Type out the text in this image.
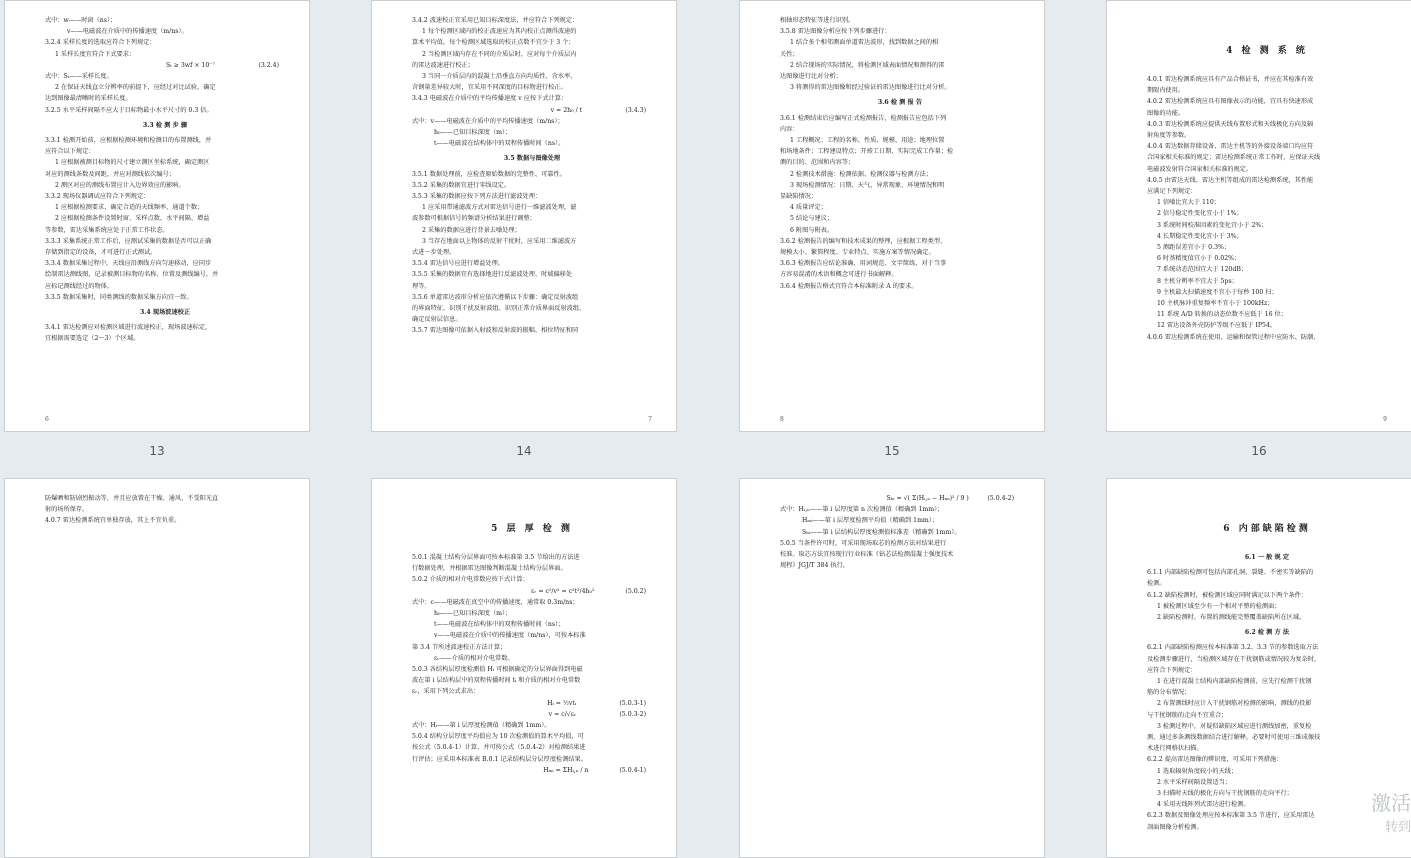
式中：w——时窗（ns）；
v——电磁波在介质中的传播速度（m/ns）。
3.2.4 采样长度的选取应符合下列规定：
1 采样长度宜符合下式要求：
Sₜ ≥ 3wf × 10⁻⁷　　　　　　　(3.2.4)
式中：Sₜ——采样长度。
2 在保证天线直立分辨率的前提下，应经过对比试验，确定
达到图像最清晰时的采样长度。
3.2.5 水平采样间隔不应大于目标物最小水平尺寸的 0.3 倍。
3.3 检 测 步 骤
3.3.1 检测开始前，应根据检测环境和检测目的布置测线，并
应符合以下规定：
1 应根据被测目标物的尺寸建立测区坐标系统，确定测区
对应的测线条数及间距，并应对测线依次编号；
2 测区对应的测线布置应计入边界效应的影响。
3.3.2 现场仪器调试应符合下列规定：
1 应根据检测要求、确定合适的天线频率、通道个数；
2 应根据检测条件设置时窗、采样点数、水平间隔、增益
等参数，雷达采集系统应处于正常工作状态。
3.3.3 采集系统正常工作后，应测试采集的数据是否可以正确
存储到指定的设备，才可进行正式测试。
3.3.4 数据采集过程中，天线应沿测线方向匀速移动，应同步
绘制雷达测线图，记录被测目标物的名称、位置及测线编号，并
应标记测线经过的物体。
3.3.5 数据采集时，同类测线的数据采集方向宜一致。
3.4 现场波速校正
3.4.1 雷达检测应对检测区域进行波速校正，现场波速标定，
宜根据需要选定（2～3）个区域。
6
13
3.4.2 波速校正宜采用已知目标深度法，并应符合下列规定：
1 每个检测区域内的校正波速应为其内校正点测得波速的
算术平均值，每个检测区域选取的校正点数不宜少于 3 个；
2 当检测区域内存在不同的介质层时，应对每个介质层内
的雷达波速进行校正；
3 当同一介质层内的混凝土沿垂直方向均质性、含水率、
含钢量差异较大时，宜采用不同深度的目标物进行校正。
3.4.3 电磁波在介质中的平均传播速度 v 应按下式计算：
v = 2h₀ / t　　　　　　　(3.4.3)
式中：v——电磁波在介质中的平均传播速度（m/ns）；
h₀——已知目标深度（m）；
t——电磁波在结构体中的双程传播时间（ns）。
3.5 数据与图像处理
3.5.1 数据处理前，应检查原始数据的完整性、可靠性。
3.5.2 采集的数据宜进行零线设定。
3.5.3 采集的数据应按下列方法进行滤波处理：
1 应采用带通滤波方式对雷达信号进行一维滤波处理，滤
波参数可根据信号的频谱分析结果进行调整；
2 采集的数据应进行背景去噪处理；
3 当存在地面以上物体的反射干扰时，应采用二维滤波方
式进一步处理。
3.5.4 雷达信号应进行增益处理。
3.5.5 采集的数据宜有选择地进行反滤波处理、时域偏移处
理等。
3.5.6 单道雷达波形分析应依次遵循以下步骤：确定反射波组
的界面特征、识别干扰反射波组、识别正常介质界面反射波组、
确定反射层信息。
3.5.7 雷达图像可依据入射波和反射波的振幅、相位特征和同
7
14
相轴形态特征等进行识别。
3.5.8 雷达图像分析应按下列步骤进行：
1 结合多个相邻测面单道雷达波形，找到数据之间的相
关性；
2 结合现场的实际情况，将检测区域表面情况和测得的雷
达图像进行比对分析；
3 将测得的雷达图像和经过验证的雷达图像进行比对分析。
3.6 检 测 报 告
3.6.1 检测结束后应编写正式检测报告，检测报告应包括下列
内容：
1 工程概况：工程的名称、性质、规模、用途；地理位置
和场地条件；工程建设特点；开竣工日期、实际完成工作量；检
测的目的、范围和内容等；
2 检测技术措施：检测依据、检测仪器与检测方法；
3 现场检测情况：日期、天气、异常现象、环境情况和明
显缺陷情况；
4 质量评定；
5 结论与建议；
6 附图与附表。
3.6.2 检测报告的编写和技术成果的整理，应根据工程类型、
规模大小、繁简程度、专业特点、实施方案等情况确定。
3.6.3 检测报告应结论准确、用词规范、文字简练，对于当事
方容易混淆的术语和概念可进行书面解释。
3.6.4 检测报告格式宜符合本标准附录 A 的要求。
8
15
4 检 测 系 统
4.0.1 雷达检测系统应具有产品合格证书，并应在其检准有效
期限内使用。
4.0.2 雷达检测系统应具有图像表示的功能，宜具有快速形成
图像的功能。
4.0.3 雷达检测系统应提供天线布置形式和天线极化方向及辐
射角度等参数。
4.0.4 雷达数据存储设备、雷达主机等的外接设备端口均应符
合国家相关标准的规定；雷达检测系统正常工作时，应保证天线
电磁波发射符合国家相关标准的规定。
4.0.5 由雷达天线、雷达主机等组成的雷达检测系统，其性能
应满足下列规定：
1 信噪比宜大于 110；
2 信号稳定性变化宜小于 1%；
3 系统时间校准因素的变化宜小于 2%；
4 长期稳定性变化宜小于 3%；
5 测距误差宜小于 0.3%；
6 时基精度值宜小于 0.02%；
7 系统动态范围宜大于 120dB；
8 主机分辨率不宜大于 5ps；
9 主机最大扫描速度不宜小于每秒 100 扫；
10 主机脉冲重复频率不宜小于 100kHz；
11 系统 A/D 转换的动态位数不应低于 16 位；
12 雷达设备外壳防护等级不应低于 IP54。
4.0.6 雷达检测系统在使用、运输和保管过程中应防水、防潮、
9
16
防爆晒和防剧烈振动等，并且应放置在干燥、通风、不受阳光直
射的场所保存。
4.0.7 雷达检测系统宜单独存放，其上不宜负重。
5 层 厚 检 测
5.0.1 混凝土结构分层界面可按本标准第 3.5 节给出的方法进
行数据处理，并根据雷达图像判断混凝土结构分层界面。
5.0.2 介质的相对介电常数应按下式计算：
εᵣ = c²/v² = c²t²/4h₀²　　　　　(5.0.2)
式中：c——电磁波在真空中的传播速度，通常取 0.3m/ns；
h₀——已知目标深度（m）；
t——电磁波在结构体中的双程传播时间（ns）；
v——电磁波在介质中的传播速度（m/ns），可按本标准
第 3.4 节所述波速校正方法计算；
εᵣ——介质的相对介电常数。
5.0.3 各结构层厚度检测值 Hᵢ 可根据确定的分层界面得到电磁
波在第 i 层结构层中的双程传播时间 tᵢ 和介质的相对介电常数
εᵣ，采用下列公式求出：
Hᵢ = ½vtᵢ　　　　　　　(5.0.3-1)
v = c/√εᵣ　　　　　　　(5.0.3-2)
式中：Hᵢ——第 i 层厚度检测值（精确到 1mm）。
5.0.4 结构分层厚度平均值应为 10 次检测值的算术平均值，可
按公式（5.0.4-1）计算，并可按公式（5.0.4-2）对检测结果进
行评估；应采用本标准表 B.0.1 记录结构层分层厚度检测结果。
Hₘᵢ = ΣHᵢ,ₙ / n　　　　　(5.0.4-1)
Sₕᵢ = √( Σ(Hᵢ,ₙ − Hₘᵢ)² / 9 )　　　(5.0.4-2)
式中：Hᵢ,ₙ——第 i 层厚度第 n 次检测值（精确到 1mm）；
Hₘᵢ——第 i 层厚度检测平均值（精确到 1mm）；
Sₕᵢ——第 i 层结构层厚度检测值标准差（精确到 1mm）。
5.0.5 当条件许可时，可采用现场取芯的检测方法对结果进行
校准。取芯方法宜按现行行业标准《钻芯法检测混凝土强度技术
规程》JGJ/T 384 执行。
6 内部缺陷检测
6.1 一 般 规 定
6.1.1 内部缺陷检测可包括内部孔洞、裂缝、不密实等缺陷的
检测。
6.1.2 缺陷检测时，被检测区域应同时满足以下两个条件：
1 被检测区域至少有一个相对平整的检测面；
2 缺陷检测时，布置的测线能完整覆盖缺陷所在区域。
6.2 检 测 方 法
6.2.1 内部缺陷检测应按本标准第 3.2、3.3 节的参数选取方法
及检测步骤进行，当检测区域存在干扰钢筋或情况较为复杂时，
应符合下列规定：
1 在进行混凝土结构内部缺陷检测前，应先行检测干扰钢
筋的分布情况；
2 布置测线时应计入干扰钢筋对检测的影响，测线的投影
与干扰钢筋的走向不宜重合；
3 检测过程中，对疑似缺陷区域应进行测线加密，重复检
测，通过多条测线数据结合进行解释，必要时可使用三维成像技
术进行网格状扫描。
6.2.2 提高雷达图像的辨识度，可采用下列措施：
1 选取辐射角度较小的天线；
2 水平采样间隔设置适当；
3 扫描时天线的极化方向与干扰钢筋的走向平行；
4 采用天线阵列式雷达进行检测。
6.2.3 数据及图像处理应按本标准第 3.5 节进行，应采用雷达
剖面图像分析检测。
激活
转到
